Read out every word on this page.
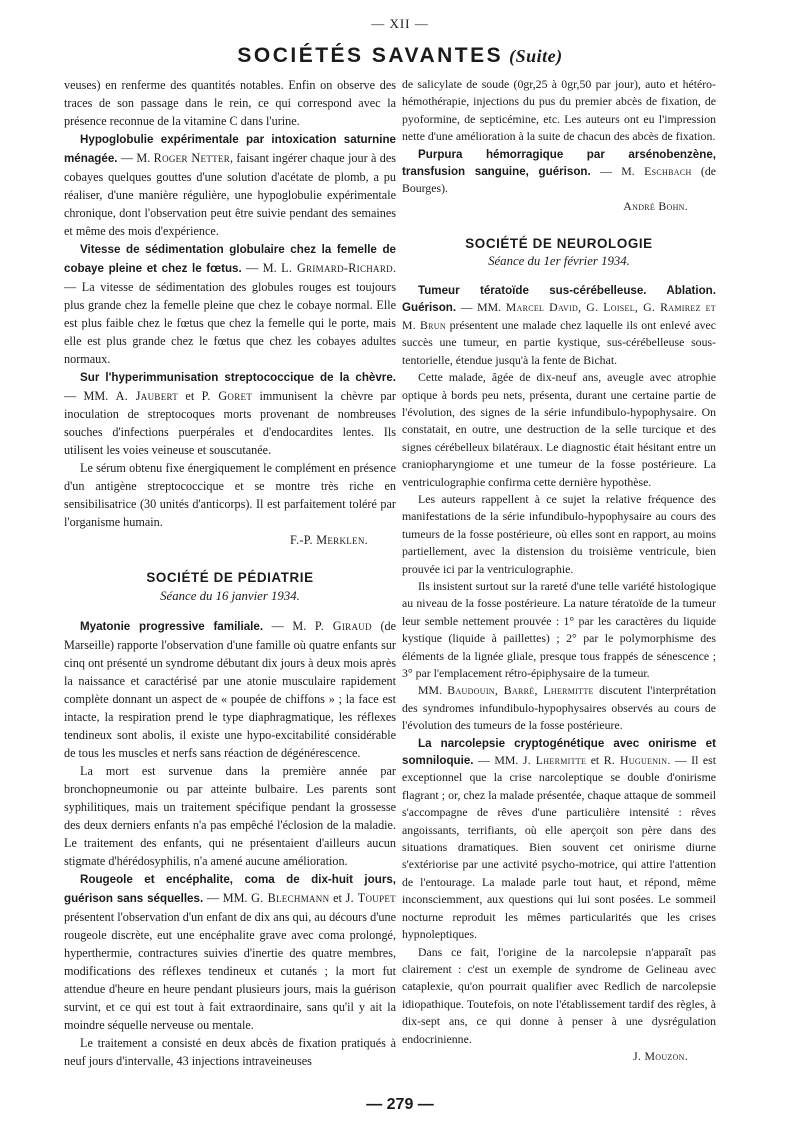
— XII —
SOCIÉTÉS SAVANTES (Suite)

veuses) en renferme des quantités notables. Enfin on observe des traces de son passage dans le rein, ce qui correspond avec la présence reconnue de la vitamine C dans l'urine.

Hypoglobulie expérimentale par intoxication saturnine ménagée. — M. Roger Netter, faisant ingérer chaque jour à des cobayes quelques gouttes d'une solution d'acétate de plomb, a pu réaliser, d'une manière régulière, une hypoglobulie expérimentale chronique, dont l'observation peut être suivie pendant des semaines et même des mois d'expérience.

Vitesse de sédimentation globulaire chez la femelle de cobaye pleine et chez le fœtus. — M. L. Grimard-Richard. — La vitesse de sédimentation des globules rouges est toujours plus grande chez la femelle pleine que chez le cobaye normal. Elle est plus faible chez le fœtus que chez la femelle qui le porte, mais elle est plus grande chez le fœtus que chez les cobayes adultes normaux.

Sur l'hyperimmunisation streptococcique de la chèvre. — MM. A. Jaubert et P. Goret immunisent la chèvre par inoculation de streptocoques morts provenant de nombreuses souches d'infections puerpérales et d'endocardites lentes. Ils utilisent les voies veineuse et souscutanée.

Le sérum obtenu fixe énergiquement le complément en présence d'un antigène streptococcique et se montre très riche en sensibilisatrice (30 unités d'anticorps). Il est parfaitement toléré par l'organisme humain.

F.-P. Merklen.

SOCIÉTÉ DE PÉDIATRIE
Séance du 16 janvier 1934.

Myatonie progressive familiale. — M. P. Giraud (de Marseille) rapporte l'observation d'une famille où quatre enfants sur cinq ont présenté un syndrome débutant dix jours à deux mois après la naissance et caractérisé par une atonie musculaire rapidement complète donnant un aspect de « poupée de chiffons » ; la face est intacte, la respiration prend le type diaphragmatique, les réflexes tendineux sont abolis, il existe une hypo-excitabilité considérable de tous les muscles et nerfs sans réaction de dégénérescence.

La mort est survenue dans la première année par bronchopneumonie ou par atteinte bulbaire. Les parents sont syphilitiques, mais un traitement spécifique pendant la grossesse des deux derniers enfants n'a pas empêché l'éclosion de la maladie. Le traitement des enfants, qui ne présentaient d'ailleurs aucun stigmate d'hérédosyphilis, n'a amené aucune amélioration.

Rougeole et encéphalite, coma de dix-huit jours, guérison sans séquelles. — MM. G. Blechmann et J. Toupet présentent l'observation d'un enfant de dix ans qui, au décours d'une rougeole discrète, eut une encéphalite grave avec coma prolongé, hyperthermie, contractures suivies d'inertie des quatre membres, modifications des réflexes tendineux et cutanés ; la mort fut attendue d'heure en heure pendant plusieurs jours, mais la guérison survint, et ce qui est tout à fait extraordinaire, sans qu'il y ait la moindre séquelle nerveuse ou mentale.

Le traitement a consisté en deux abcès de fixation pratiqués à neuf jours d'intervalle, 43 injections intraveineuses

de salicylate de soude (0gr,25 à 0gr,50 par jour), auto et hétéro-hémothérapie, injections du pus du premier abcès de fixation, de pyoformine, de septicémine, etc. Les auteurs ont eu l'impression nette d'une amélioration à la suite de chacun des abcès de fixation.

Purpura hémorragique par arsénobenzène, transfusion sanguine, guérison. — M. Eschbach (de Bourges).

André Bohn.

SOCIÉTÉ DE NEUROLOGIE
Séance du 1er février 1934.

Tumeur tératoïde sus-cérébelleuse. Ablation. Guérison. — MM. Marcel David, G. Loisel, G. Ramirez et M. Brun présentent une malade chez laquelle ils ont enlevé avec succès une tumeur, en partie kystique, sus-cérébelleuse sous-tentorielle, étendue jusqu'à la fente de Bichat.

Cette malade, âgée de dix-neuf ans, aveugle avec atrophie optique à bords peu nets, présenta, durant une certaine partie de l'évolution, des signes de la série infundibulo-hypophysaire. On constatait, en outre, une destruction de la selle turcique et des signes cérébelleux bilatéraux. Le diagnostic était hésitant entre un craniopharyngiome et une tumeur de la fosse postérieure. La ventriculographie confirma cette dernière hypothèse.

Les auteurs rappellent à ce sujet la relative fréquence des manifestations de la série infundibulo-hypophysaire au cours des tumeurs de la fosse postérieure, où elles sont en rapport, au moins partiellement, avec la distension du troisième ventricule, bien prouvée ici par la ventriculographie.

Ils insistent surtout sur la rareté d'une telle variété histologique au niveau de la fosse postérieure. La nature tératoïde de la tumeur leur semble nettement prouvée : 1° par les caractères du liquide kystique (liquide à paillettes) ; 2° par le polymorphisme des éléments de la lignée gliale, presque tous frappés de sénescence ; 3° par l'emplacement rétro-épiphysaire de la tumeur.

MM. Baudouin, Barré, Lhermitte discutent l'interprétation des syndromes infundibulo-hypophysaires observés au cours de l'évolution des tumeurs de la fosse postérieure.

La narcolepsie cryptogénétique avec onirisme et somniloquie. — MM. J. Lhermitte et R. Huguenin. — Il est exceptionnel que la crise narcoleptique se double d'onirisme flagrant ; or, chez la malade présentée, chaque attaque de sommeil s'accompagne de rêves d'une particulière intensité : rêves angoissants, terrifiants, où elle aperçoit son père dans des situations dramatiques. Bien souvent cet onirisme diurne s'extériorise par une activité psycho-motrice, qui attire l'attention de l'entourage. La malade parle tout haut, et répond, même inconsciemment, aux questions qui lui sont posées. Le sommeil nocturne reproduit les mêmes particularités que les crises hypnoleptiques.

Dans ce fait, l'origine de la narcolepsie n'apparaît pas clairement : c'est un exemple de syndrome de Gelineau avec cataplexie, qu'on pourrait qualifier avec Redlich de narcolepsie idiopathique. Toutefois, on note l'établissement tardif des règles, à dix-sept ans, ce qui donne à penser à une dysrégulation endocrinienne.

J. Mouzon.

— 279 —
